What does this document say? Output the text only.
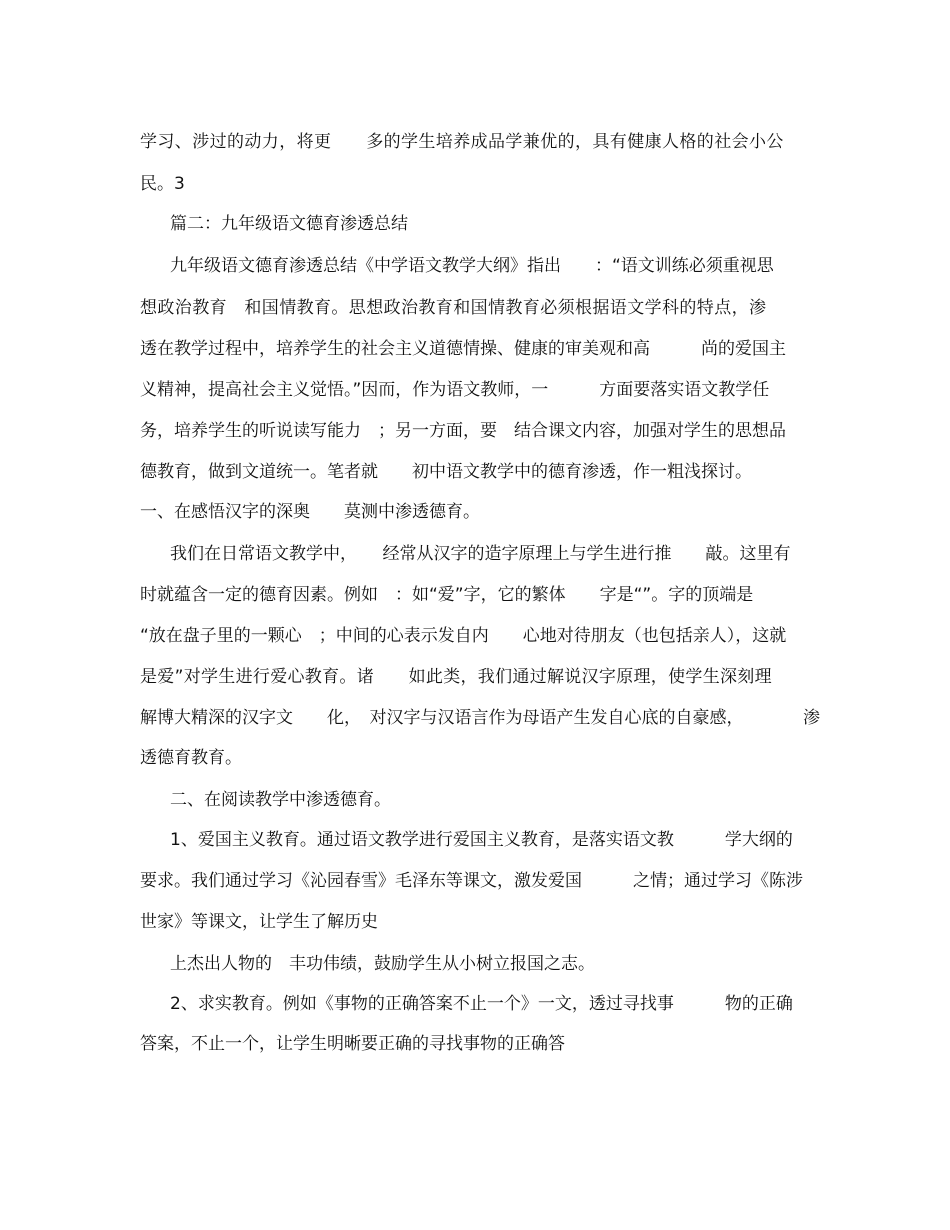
学习、涉过的动力，将更　　多的学生培养成品学兼优的，具有健康人格的社会小公
民。3
篇二：九年级语文德育渗透总结
九年级语文德育渗透总结《中学语文教学大纲》指出　　：“语文训练必须重视思
想政治教育　和国情教育。思想政治教育和国情教育必须根据语文学科的特点，渗
透在教学过程中，培养学生的社会主义道德情操、健康的审美观和高　　　尚的爱国主
义精神，提高社会主义觉悟。”因而，作为语文教师，一　　　方面要落实语文教学任
务，培养学生的听说读写能力　；另一方面，要　结合课文内容，加强对学生的思想品
德教育，做到文道统一。笔者就　　初中语文教学中的德育渗透，作一粗浅探讨。
一、在感悟汉字的深奥　　莫测中渗透德育。
我们在日常语文教学中，　　经常从汉字的造字原理上与学生进行推　　敲。这里有
时就蕴含一定的德育因素。例如　：如“爱”字，它的繁体　　字是“”。字的顶端是
“放在盘子里的一颗心　；中间的心表示发自内　　心地对待朋友（也包括亲人），这就
是爱”对学生进行爱心教育。诸　　如此类，我们通过解说汉字原理，使学生深刻理
解博大精深的汉字文　　化，　对汉字与汉语言作为母语产生发自心底的自豪感，　　　　渗
透德育教育。
二、在阅读教学中渗透德育。
1、爱国主义教育。通过语文教学进行爱国主义教育，是落实语文教　　　学大纲的
要求。我们通过学习《沁园春雪》毛泽东等课文，激发爱国　　　之情；通过学习《陈涉
世家》等课文，让学生了解历史
上杰出人物的　丰功伟绩，鼓励学生从小树立报国之志。
2、求实教育。例如《事物的正确答案不止一个》一文，透过寻找事　　　物的正确
答案，不止一个，让学生明晰要正确的寻找事物的正确答
